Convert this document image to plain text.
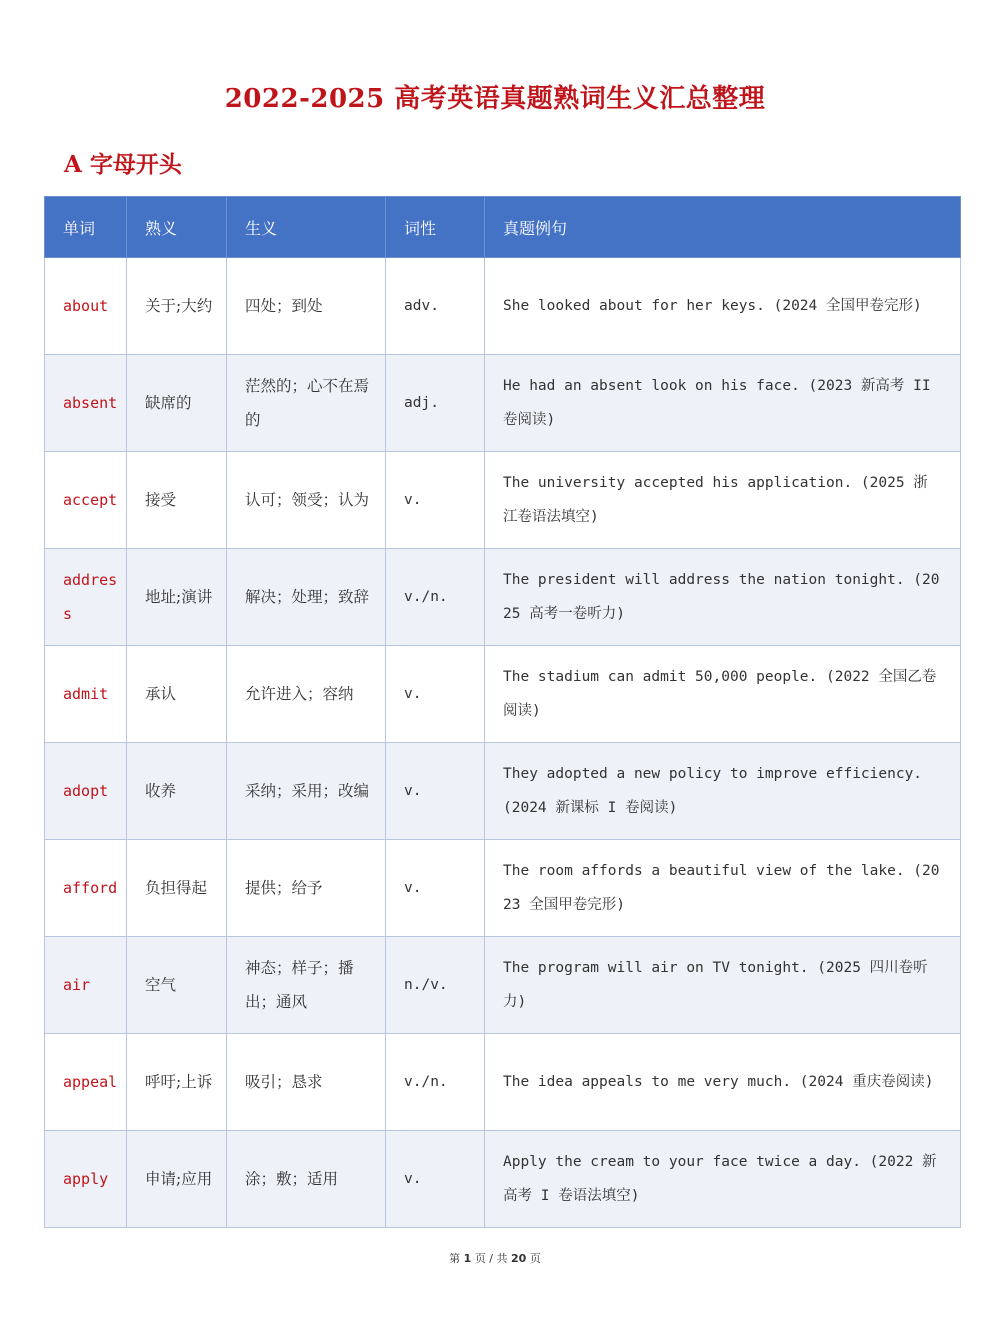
2022-2025 高考英语真题熟词生义汇总整理
A 字母开头
单词	熟义	生义	词性	真题例句
about	关于;大约	四处；到处	adv.	She looked about for her keys. (2024 全国甲卷完形)
absent	缺席的	茫然的；心不在焉的	adj.	He had an absent look on his face. (2023 新高考 II 卷阅读)
accept	接受	认可；领受；认为	v.	The university accepted his application. (2025 浙江卷语法填空)
address	地址;演讲	解决；处理；致辞	v./n.	The president will address the nation tonight. (2025 高考一卷听力)
admit	承认	允许进入；容纳	v.	The stadium can admit 50,000 people. (2022 全国乙卷阅读)
adopt	收养	采纳；采用；改编	v.	They adopted a new policy to improve efficiency. (2024 新课标 I 卷阅读)
afford	负担得起	提供；给予	v.	The room affords a beautiful view of the lake. (2023 全国甲卷完形)
air	空气	神态；样子；播出；通风	n./v.	The program will air on TV tonight. (2025 四川卷听力)
appeal	呼吁;上诉	吸引；恳求	v./n.	The idea appeals to me very much. (2024 重庆卷阅读)
apply	申请;应用	涂；敷；适用	v.	Apply the cream to your face twice a day. (2022 新高考 I 卷语法填空)
第 1 页 / 共 20 页
